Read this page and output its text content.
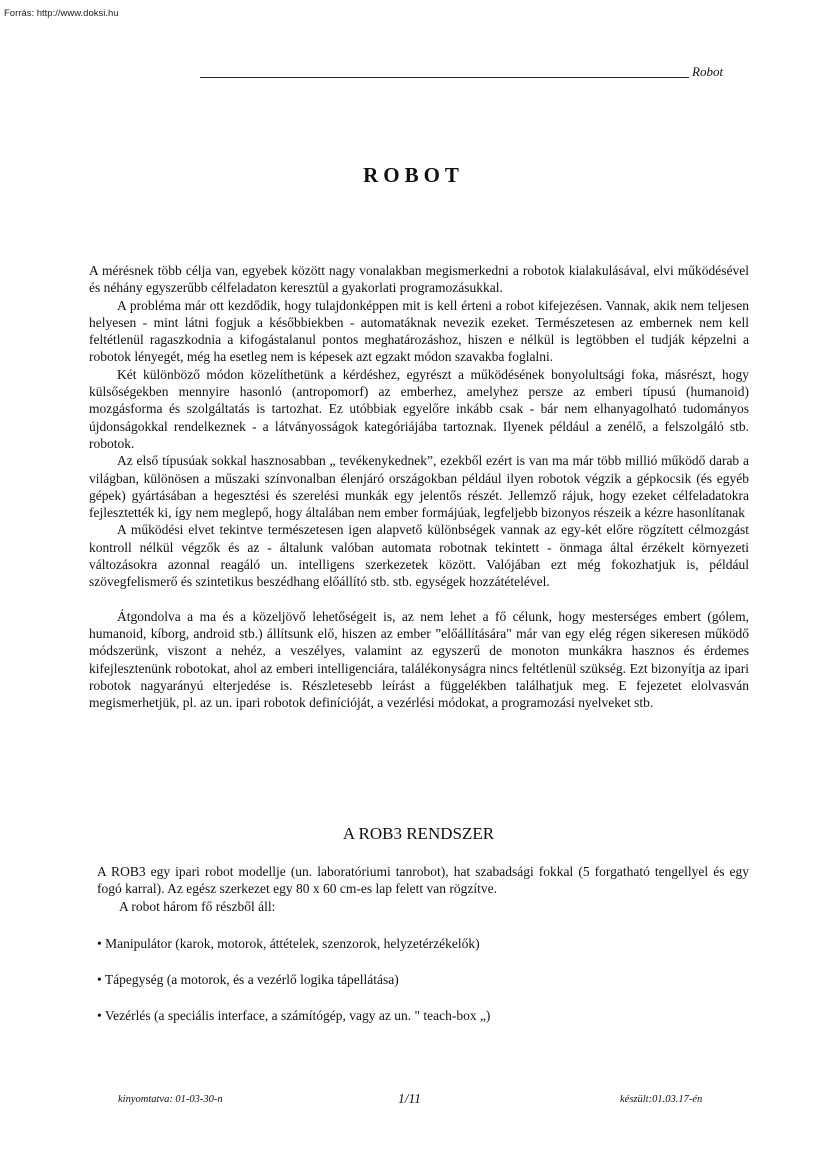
Forrás: http://www.doksi.hu
Robot
ROBOT

A mérésnek több célja van, egyebek között nagy vonalakban megismerkedni a robotok kialakulásával, elvi működésével és néhány egyszerűbb célfeladaton keresztül a gyakorlati programozásukkal.

A probléma már ott kezdődik, hogy tulajdonképpen mit is kell érteni a robot kifejezésen. Vannak, akik nem teljesen helyesen - mint látni fogjuk a későbbiekben - automatáknak nevezik ezeket. Természetesen az embernek nem kell feltétlenül ragaszkodnia a kifogástalanul pontos meghatározáshoz, hiszen e nélkül is legtöbben el tudják képzelni a robotok lényegét, még ha esetleg nem is képesek azt egzakt módon szavakba foglalni.

Két különböző módon közelíthetünk a kérdéshez, egyrészt a működésének bonyolultsági foka, másrészt, hogy külsőségekben mennyire hasonló (antropomorf) az emberhez, amelyhez persze az emberi típusú (humanoid) mozgásforma és szolgáltatás is tartozhat. Ez utóbbiak egyelőre inkább csak - bár nem elhanyagolható tudományos újdonságokkal rendelkeznek - a látványosságok kategóriájába tartoznak. Ilyenek például a zenélő, a felszolgáló stb. robotok.

Az első típusúak sokkal hasznosabban „ tevékenykednek”, ezekből ezért is van ma már több millió működő darab a világban, különösen a műszaki színvonalban élenjáró országokban például ilyen robotok végzik a gépkocsik (és egyéb gépek) gyártásában a hegesztési és szerelési munkák egy jelentős részét. Jellemző rájuk, hogy ezeket célfeladatokra fejlesztették ki, így nem meglepő, hogy általában nem ember formájúak, legfeljebb bizonyos részeik a kézre hasonlítanak

A működési elvet tekintve természetesen igen alapvető különbségek vannak az egy-két előre rögzített célmozgást kontroll nélkül végzők és az - általunk valóban automata robotnak tekintett - önmaga által érzékelt környezeti változásokra azonnal reagáló un. intelligens szerkezetek között. Valójában ezt még fokozhatjuk is, például szövegfelismerő és szintetikus beszédhang előállító stb. stb. egységek hozzátételével.

Átgondolva a ma és a közeljövő lehetőségeit is, az nem lehet a fő célunk, hogy mesterséges embert (gólem, humanoid, kíborg, android stb.) állítsunk elő, hiszen az ember ”előállítására" már van egy elég régen sikeresen működő módszerünk, viszont a nehéz, a veszélyes, valamint az egyszerű de monoton munkákra hasznos és érdemes kifejlesztenünk robotokat, ahol az emberi intelligenciára, találékonyságra nincs feltétlenül szükség. Ezt bizonyítja az ipari robotok nagyarányú elterjedése is. Részletesebb leírást a függelékben találhatjuk meg. E fejezetet elolvasván megismerhetjük, pl. az un. ipari robotok definícióját, a vezérlési módokat, a programozási nyelveket stb.

A ROB3 RENDSZER

A ROB3 egy ipari robot modellje (un. laboratóriumi tanrobot), hat szabadsági fokkal (5 forgatható tengellyel és egy fogó karral). Az egész szerkezet egy 80 x 60 cm-es lap felett van rögzítve.

A robot három fő részből áll:

• Manipulátor (karok, motorok, áttételek, szenzorok, helyzetérzékelők)
• Tápegység (a motorok, és a vezérlő logika tápellátása)
• Vezérlés (a speciális interface, a számítógép, vagy az un. " teach-box „)
kinyomtatva: 01-03-30-n	1/11	készült:01.03.17-én
